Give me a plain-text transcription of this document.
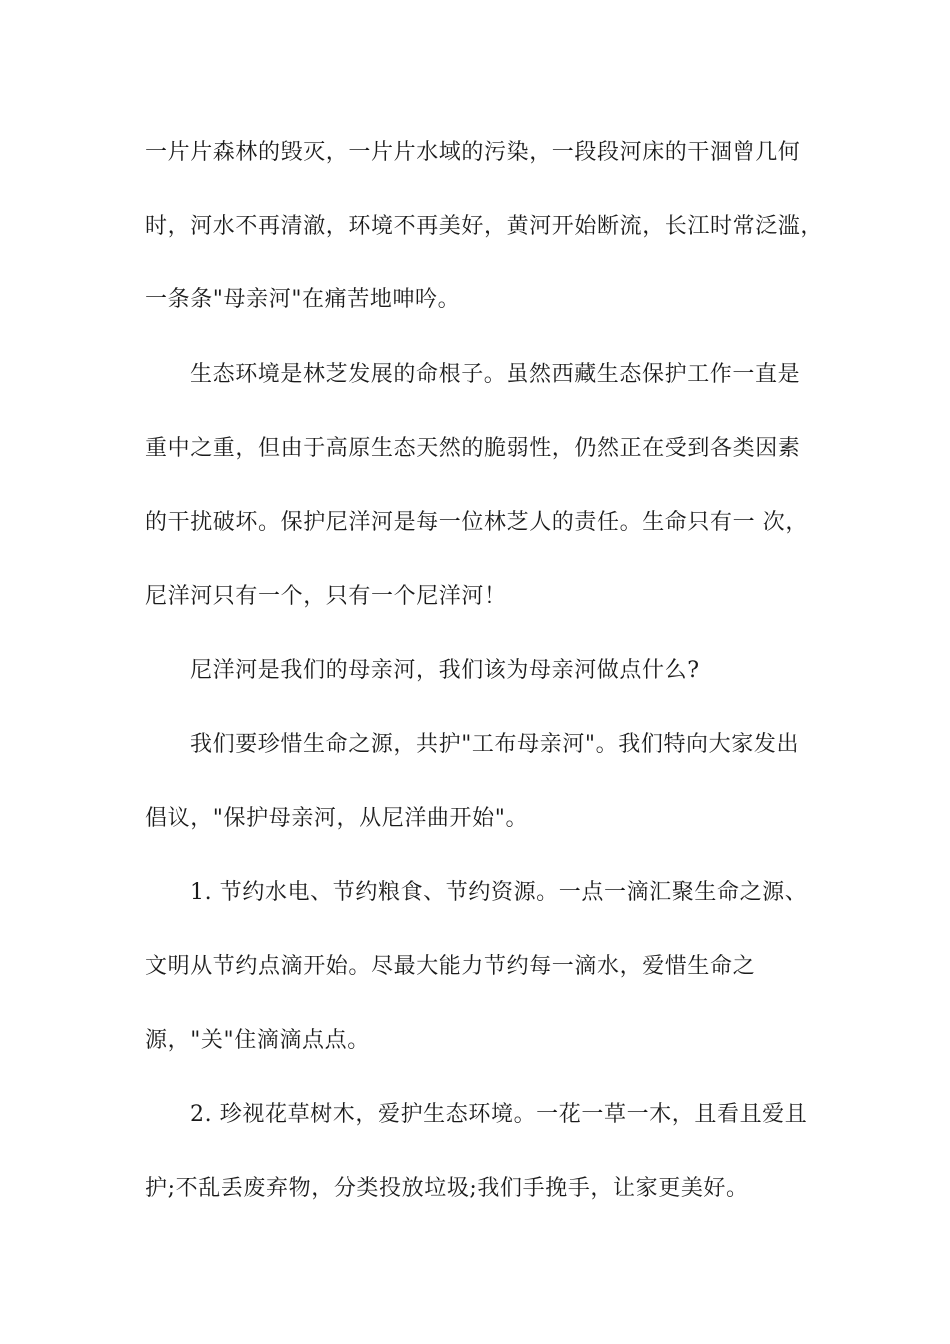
一片片森林的毁灭，一片片水域的污染，一段段河床的干涸曾几何

时，河水不再清澈，环境不再美好，黄河开始断流，长江时常泛滥，

一条条"母亲河"在痛苦地呻吟。

生态环境是林芝发展的命根子。虽然西藏生态保护工作一直是

重中之重，但由于高原生态天然的脆弱性，仍然正在受到各类因素

的干扰破坏。保护尼洋河是每一位林芝人的责任。生命只有一 次，

尼洋河只有一个，只有一个尼洋河！

尼洋河是我们的母亲河，我们该为母亲河做点什么?

我们要珍惜生命之源，共护"工布母亲河"。我们特向大家发出

倡议，"保护母亲河，从尼洋曲开始"。

1. 节约水电、节约粮食、节约资源。一点一滴汇聚生命之源、

文明从节约点滴开始。尽最大能力节约每一滴水，爱惜生命之

源，"关"住滴滴点点。

2. 珍视花草树木，爱护生态环境。一花一草一木，且看且爱且

护;不乱丢废弃物，分类投放垃圾;我们手挽手，让家更美好。
